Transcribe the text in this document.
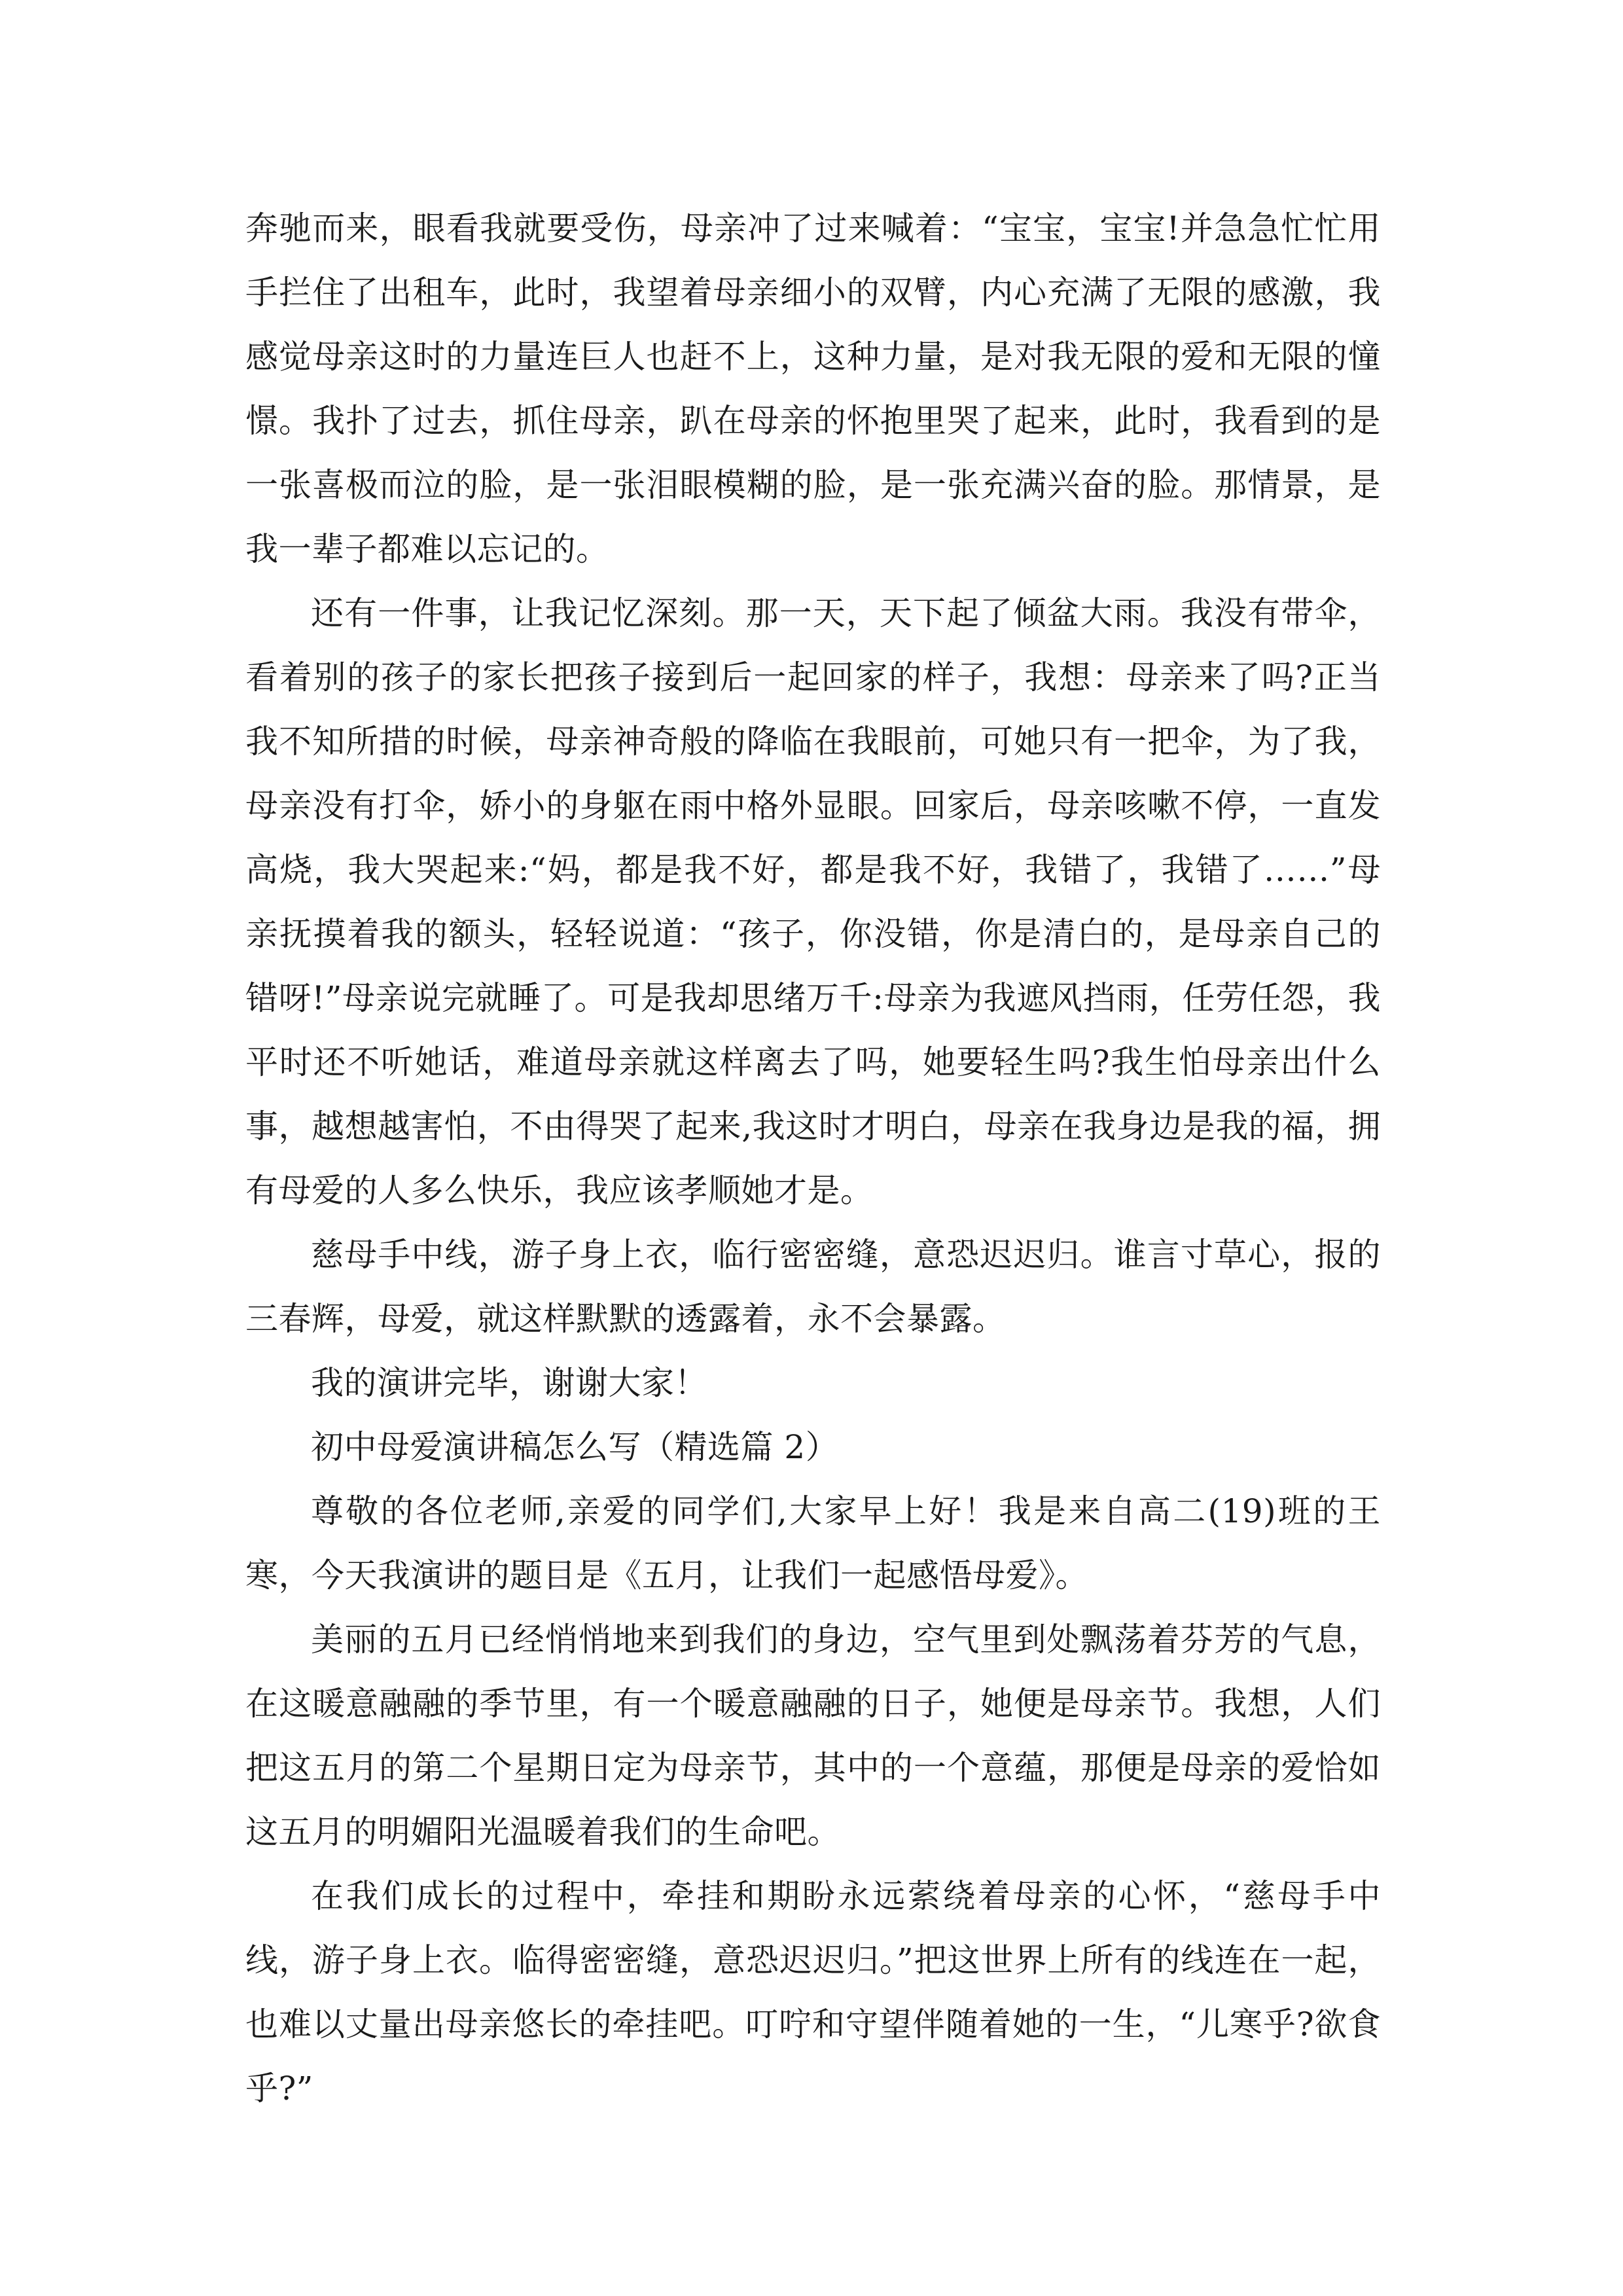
奔驰而来，眼看我就要受伤，母亲冲了过来喊着：“宝宝，宝宝!并急急忙忙用手拦住了出租车，此时，我望着母亲细小的双臂，内心充满了无限的感激，我感觉母亲这时的力量连巨人也赶不上，这种力量，是对我无限的爱和无限的憧憬。我扑了过去，抓住母亲，趴在母亲的怀抱里哭了起来，此时，我看到的是一张喜极而泣的脸，是一张泪眼模糊的脸，是一张充满兴奋的脸。那情景，是我一辈子都难以忘记的。

还有一件事，让我记忆深刻。那一天，天下起了倾盆大雨。我没有带伞，看着别的孩子的家长把孩子接到后一起回家的样子，我想：母亲来了吗?正当我不知所措的时候，母亲神奇般的降临在我眼前，可她只有一把伞，为了我，母亲没有打伞，娇小的身躯在雨中格外显眼。回家后，母亲咳嗽不停，一直发高烧，我大哭起来:“妈，都是我不好，都是我不好，我错了，我错了……”母亲抚摸着我的额头，轻轻说道：“孩子，你没错，你是清白的，是母亲自己的错呀!”母亲说完就睡了。可是我却思绪万千:母亲为我遮风挡雨，任劳任怨，我平时还不听她话，难道母亲就这样离去了吗，她要轻生吗?我生怕母亲出什么事，越想越害怕，不由得哭了起来,我这时才明白，母亲在我身边是我的福，拥有母爱的人多么快乐，我应该孝顺她才是。

慈母手中线，游子身上衣，临行密密缝，意恐迟迟归。谁言寸草心，报的三春辉，母爱，就这样默默的透露着，永不会暴露。

我的演讲完毕，谢谢大家！

初中母爱演讲稿怎么写（精选篇 2）

尊敬的各位老师,亲爱的同学们,大家早上好！我是来自高二(19)班的王寒，今天我演讲的题目是《五月，让我们一起感悟母爱》。

美丽的五月已经悄悄地来到我们的身边，空气里到处飘荡着芬芳的气息，在这暖意融融的季节里，有一个暖意融融的日子，她便是母亲节。我想，人们把这五月的第二个星期日定为母亲节，其中的一个意蕴，那便是母亲的爱恰如这五月的明媚阳光温暖着我们的生命吧。

在我们成长的过程中，牵挂和期盼永远萦绕着母亲的心怀，“慈母手中线，游子身上衣。临得密密缝，意恐迟迟归。”把这世界上所有的线连在一起，也难以丈量出母亲悠长的牵挂吧。叮咛和守望伴随着她的一生，“儿寒乎?欲食乎?”
